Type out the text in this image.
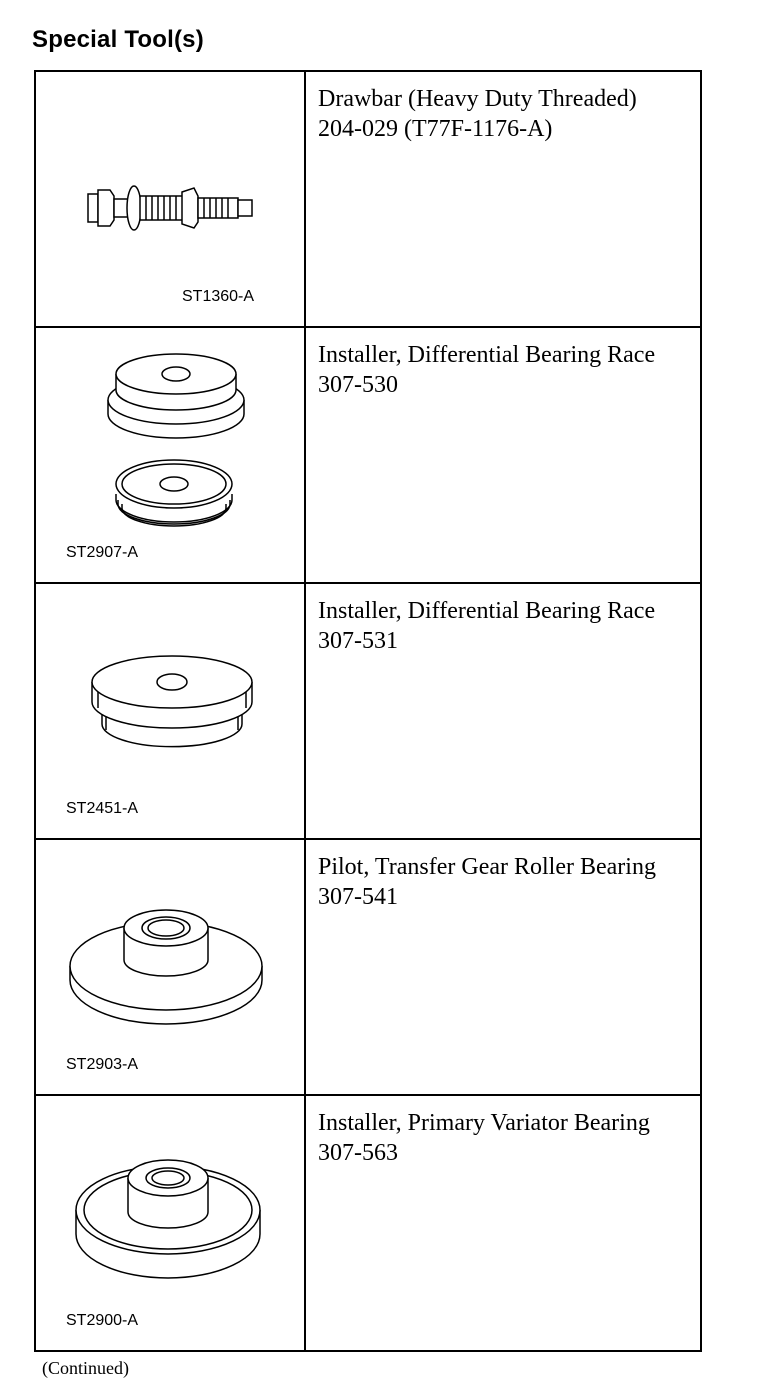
Special Tool(s)
ST1360-A	Drawbar (Heavy Duty Threaded)
204-029 (T77F-1176-A)

ST2907-A	Installer, Differential Bearing Race
307-530

ST2451-A	Installer, Differential Bearing Race
307-531

ST2903-A	Pilot, Transfer Gear Roller Bearing
307-541

ST2900-A	Installer, Primary Variator Bearing
307-563
(Continued)
